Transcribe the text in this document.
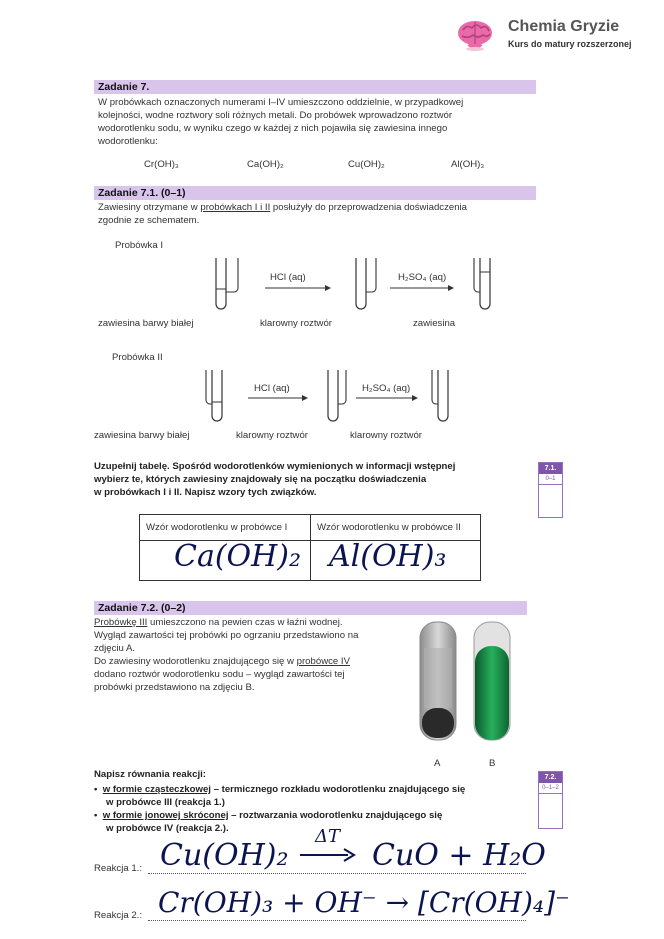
Chemia Gryzie
Kurs do matury rozszerzonej
Zadanie 7.
W probówkach oznaczonych numerami I–IV umieszczono oddzielnie, w przypadkowej
kolejności, wodne roztwory soli różnych metali. Do probówek wprowadzono roztwór
wodorotlenku sodu, w wyniku czego w każdej z nich pojawiła się zawiesina innego
wodorotlenku:
Cr(OH)₃	Ca(OH)₂	Cu(OH)₂	Al(OH)₃
Zadanie 7.1. (0–1)
Zawiesiny otrzymane w probówkach I i II posłużyły do przeprowadzenia doświadczenia
zgodnie ze schematem.
Probówka I
HCl (aq)	H₂SO₄ (aq)
zawiesina barwy białej	klarowny roztwór	zawiesina
Probówka II
HCl (aq)	H₂SO₄ (aq)
zawiesina barwy białej	klarowny roztwór	klarowny roztwór
Uzupełnij tabelę. Spośród wodorotlenków wymienionych w informacji wstępnej
wybierz te, których zawiesiny znajdowały się na początku doświadczenia
w probówkach I i II. Napisz wzory tych związków.
7.1.
0–1
Wzór wodorotlenku w probówce I	Wzór wodorotlenku w probówce II

Ca(OH)₂	Al(OH)₃
Zadanie 7.2. (0–2)
Probówkę III umieszczono na pewien czas w łaźni wodnej.
Wygląd zawartości tej probówki po ogrzaniu przedstawiono na
zdjęciu A.
Do zawiesiny wodorotlenku znajdującego się w probówce IV
dodano roztwór wodorotlenku sodu – wygląd zawartości tej
probówki przedstawiono na zdjęciu B.
A	B
Napisz równania reakcji:
•  w formie cząsteczkowej – termicznego rozkładu wodorotlenku znajdującego się
w probówce III (reakcja 1.)
•  w formie jonowej skróconej – roztwarzania wodorotlenku znajdującego się
w probówce IV (reakcja 2.).
7.2.
0–1–2
Reakcja 1.: Cu(OH)₂
ΔT
CuO + H₂O
Reakcja 2.: Cr(OH)₃ + OH⁻ → [Cr(OH)₄]⁻
